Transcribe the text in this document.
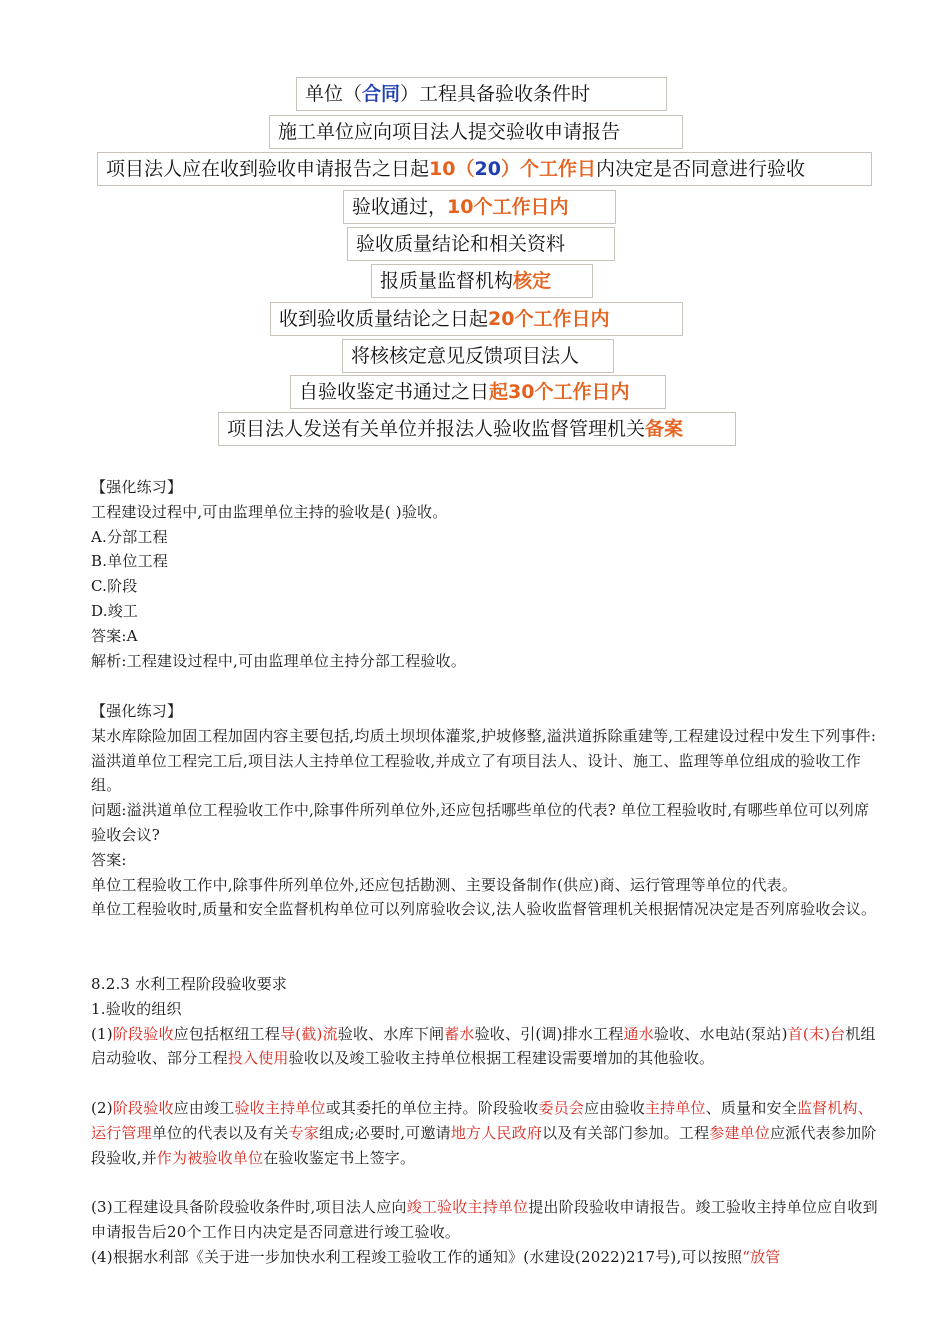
单位（合同）工程具备验收条件时
施工单位应向项目法人提交验收申请报告
项目法人应在收到验收申请报告之日起10（20）个工作日内决定是否同意进行验收
验收通过，10个工作日内
验收质量结论和相关资料
报质量监督机构核定
收到验收质量结论之日起20个工作日内
将核核定意见反馈项目法人
自验收鉴定书通过之日起30个工作日内
项目法人发送有关单位并报法人验收监督管理机关备案
【强化练习】
工程建设过程中,可由监理单位主持的验收是( )验收。
A.分部工程
B.单位工程
C.阶段
D.竣工
答案:A
解析:工程建设过程中,可由监理单位主持分部工程验收。
【强化练习】
某水库除险加固工程加固内容主要包括,均质土坝坝体灌浆,护坡修整,溢洪道拆除重建等,工程建设过程中发生下列事件: 溢洪道单位工程完工后,项目法人主持单位工程验收,并成立了有项目法人、设计、施工、监理等单位组成的验收工作组。
问题:溢洪道单位工程验收工作中,除事件所列单位外,还应包括哪些单位的代表? 单位工程验收时,有哪些单位可以列席验收会议?
答案:
单位工程验收工作中,除事件所列单位外,还应包括勘测、主要设备制作(供应)商、运行管理等单位的代表。
单位工程验收时,质量和安全监督机构单位可以列席验收会议,法人验收监督管理机关根据情况决定是否列席验收会议。
8.2.3 水利工程阶段验收要求
1.验收的组织
(1)阶段验收应包括枢纽工程导(截)流验收、水库下闸蓄水验收、引(调)排水工程通水验收、水电站(泵站)首(末)台机组启动验收、部分工程投入使用验收以及竣工验收主持单位根据工程建设需要增加的其他验收。
(2)阶段验收应由竣工验收主持单位或其委托的单位主持。阶段验收委员会应由验收主持单位、质量和安全监督机构、运行管理单位的代表以及有关专家组成;必要时,可邀请地方人民政府以及有关部门参加。工程参建单位应派代表参加阶段验收,并作为被验收单位在验收鉴定书上签字。
(3)工程建设具备阶段验收条件时,项目法人应向竣工验收主持单位提出阶段验收申请报告。竣工验收主持单位应自收到申请报告后20个工作日内决定是否同意进行竣工验收。
(4)根据水利部《关于进一步加快水利工程竣工验收工作的通知》(水建设(2022)217号),可以按照“放管
